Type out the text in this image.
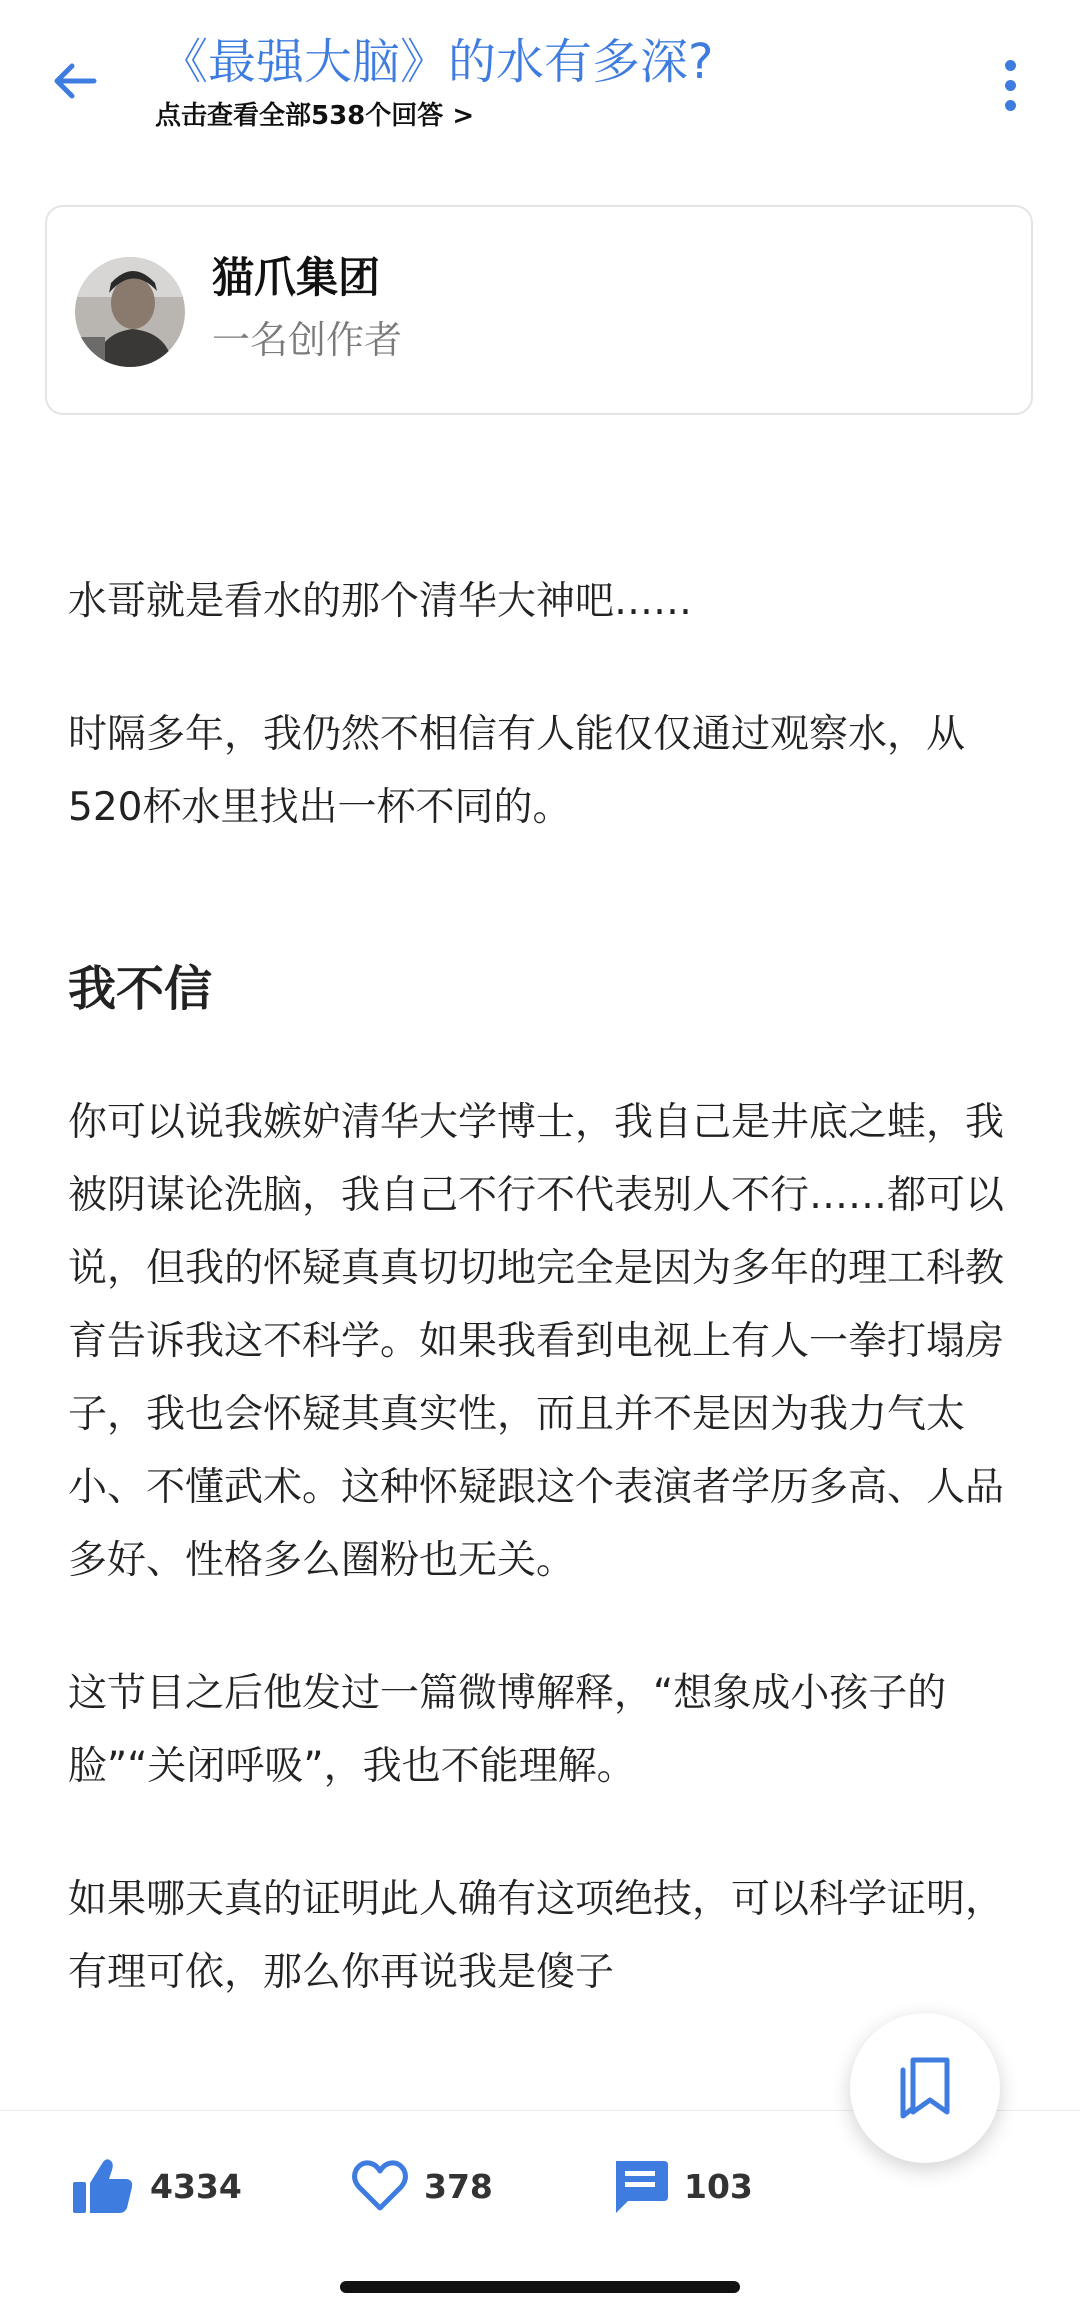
《最强大脑》的水有多深?
点击查看全部538个回答 >
猫爪集团
一名创作者

水哥就是看水的那个清华大神吧……

时隔多年，我仍然不相信有人能仅仅通过观察水，从520杯水里找出一杯不同的。

我不信

你可以说我嫉妒清华大学博士，我自己是井底之蛙，我被阴谋论洗脑，我自己不行不代表别人不行……都可以说，但我的怀疑真真切切地完全是因为多年的理工科教育告诉我这不科学。如果我看到电视上有人一拳打塌房子，我也会怀疑其真实性，而且并不是因为我力气太小、不懂武术。这种怀疑跟这个表演者学历多高、人品多好、性格多么圈粉也无关。

这节目之后他发过一篇微博解释，“想象成小孩子的脸”“关闭呼吸”，我也不能理解。

如果哪天真的证明此人确有这项绝技，可以科学证明，有理可依，那么你再说我是傻子

4334	378	103
